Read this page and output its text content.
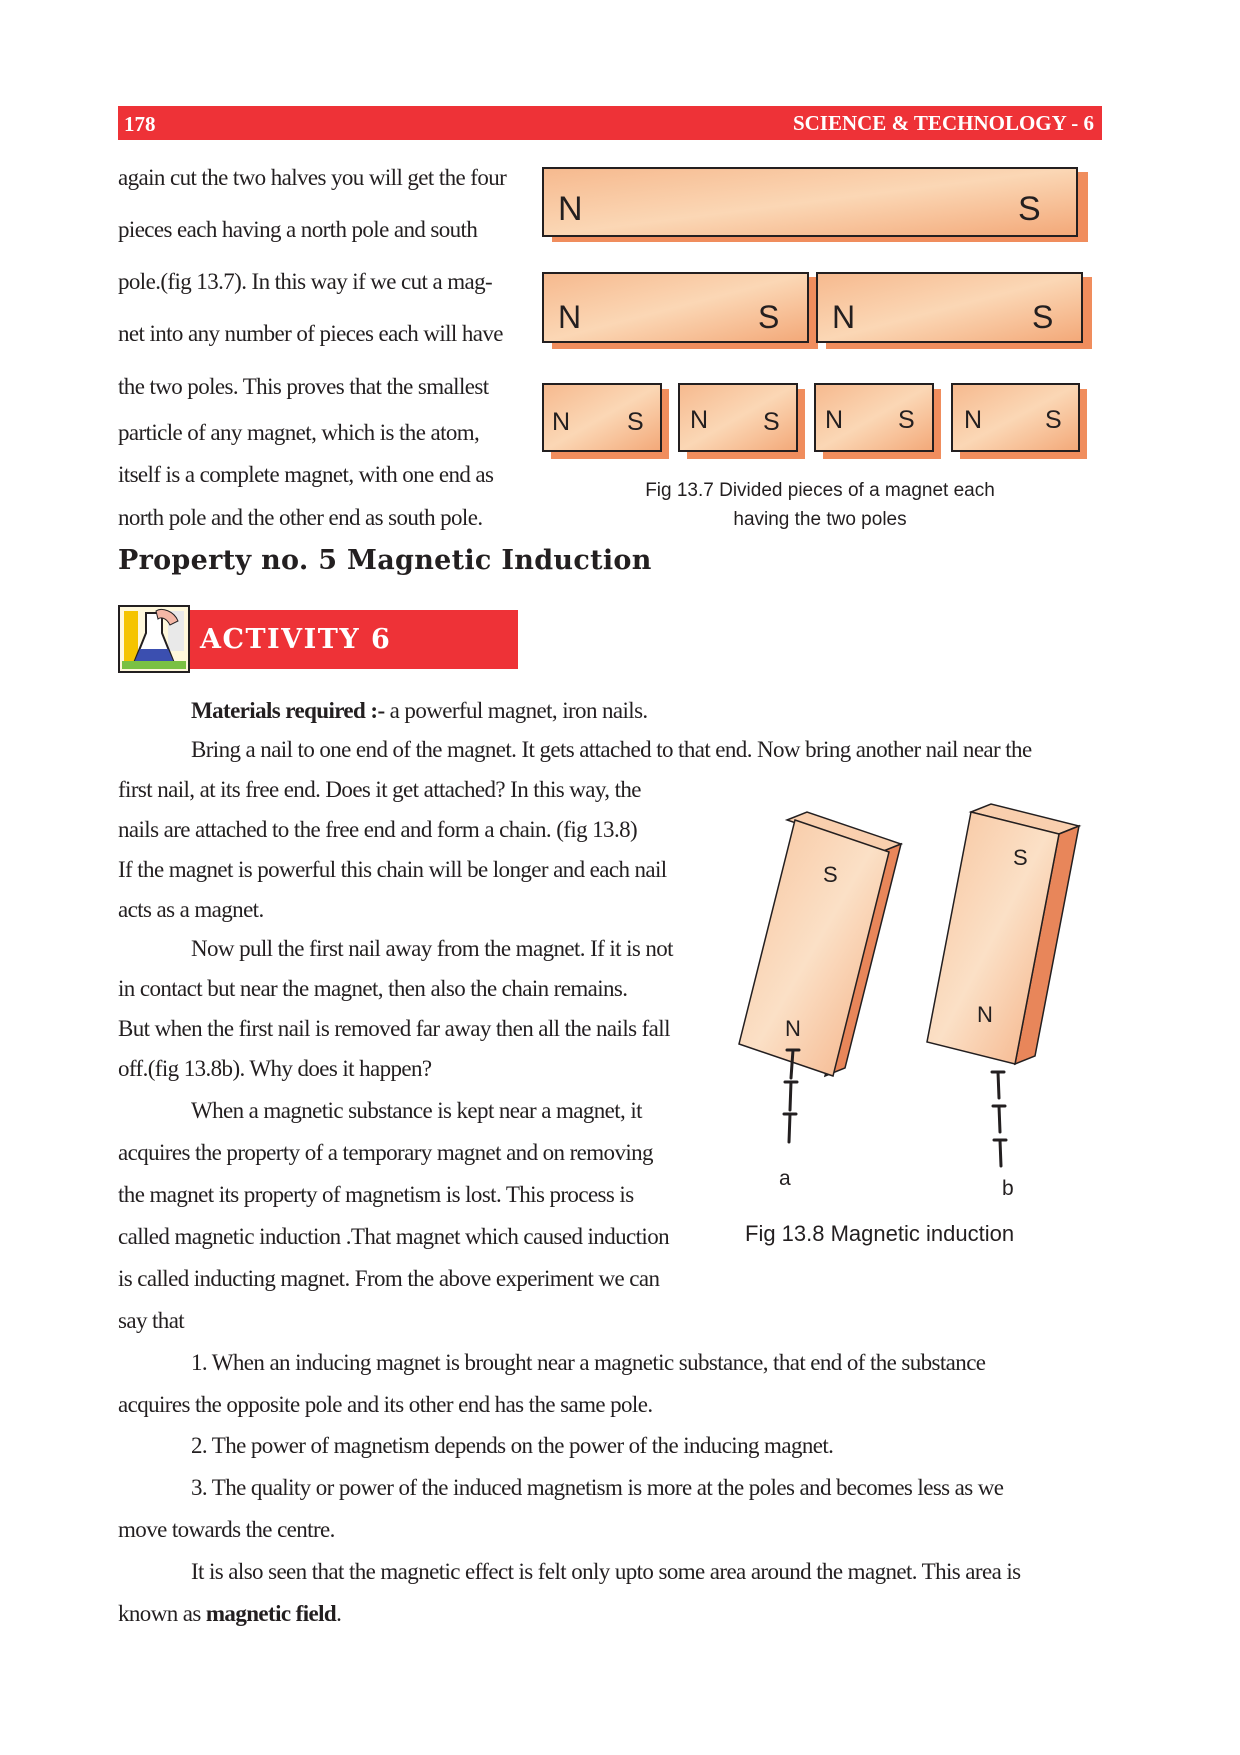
178	SCIENCE & TECHNOLOGY - 6
again cut the two halves you will get the four
pieces each having a north pole and south
pole.(fig 13.7). In this way if we cut a mag-
net into any number of pieces each will have
the two poles. This proves that the smallest
particle of any magnet, which is the atom,
itself is a complete magnet, with one end as
north pole and the other end as south pole.
N	S
N	S N	S
N S N S N S N	S
Fig 13.7 Divided pieces of a magnet each
having the two poles
Property no. 5 Magnetic Induction
ACTIVITY 6
Materials required :- a powerful magnet, iron nails.
Bring a nail to one end of the magnet. It gets attached to that end. Now bring another nail near the
first nail, at its free end. Does it get attached? In this way, the
nails are attached to the free end and form a chain. (fig 13.8)
If the magnet is powerful this chain will be longer and each nail
acts as a magnet.
Now pull the first nail away from the magnet. If it is not
in contact but near the magnet, then also the chain remains.
But when the first nail is removed far away then all the nails fall
off.(fig 13.8b). Why does it happen?
When a magnetic substance is kept near a magnet, it
acquires the property of a temporary magnet and on removing
the magnet its property of magnetism is lost. This process is
called magnetic induction .That magnet which caused induction
is called inducting magnet. From the above experiment we can
say that
1. When an inducing magnet is brought near a magnetic substance, that end of the substance
acquires the opposite pole and its other end has the same pole.
2. The power of magnetism depends on the power of the inducing magnet.
3. The quality or power of the induced magnetism is more at the poles and becomes less as we
move towards the centre.
It is also seen that the magnetic effect is felt only upto some area around the magnet. This area is
known as magnetic field.
S
N
a
S
N
b
Fig 13.8 Magnetic induction
